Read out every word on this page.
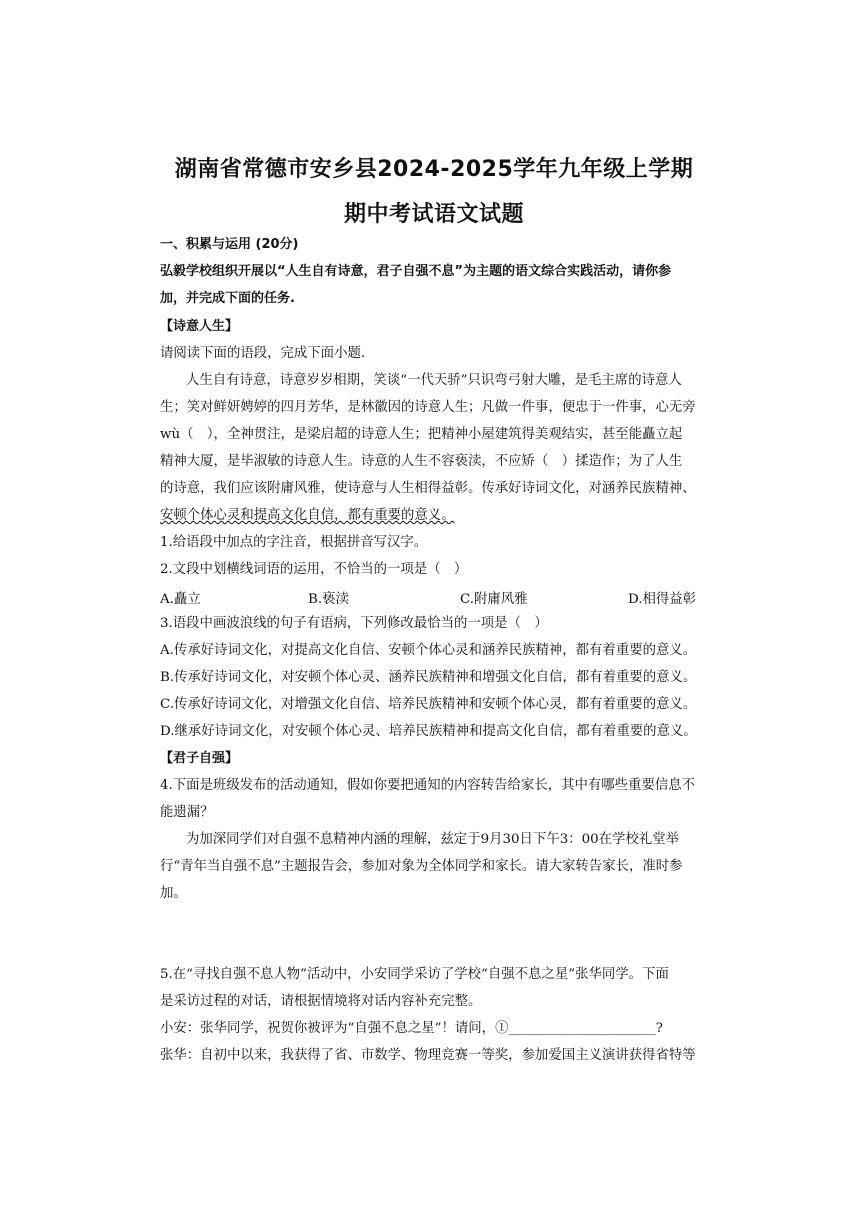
湖南省常德市安乡县2024-2025学年九年级上学期
期中考试语文试题
一、积累与运用 (20分)
弘毅学校组织开展以“人生自有诗意，君子自强不息”为主题的语文综合实践活动，请你参
加，并完成下面的任务.
【诗意人生】
请阅读下面的语段，完成下面小题.
人生自有诗意，诗意岁岁相期，笑谈“一代天骄”只识弯弓射大雕，是毛主席的诗意人
生；笑对鲜妍娉婷的四月芳华，是林徽因的诗意人生；凡做一件事，便忠于一件事，心无旁
wù（　），全神贯注，是梁启超的诗意人生；把精神小屋建筑得美观结实，甚至能矗立起
精神大厦，是毕淑敏的诗意人生。诗意的人生不容亵渎，不应矫（　）揉造作；为了人生
的诗意，我们应该附庸风雅，使诗意与人生相得益彰。传承好诗词文化，对涵养民族精神、
安顿个体心灵和提高文化自信，都有重要的意义。
1.给语段中加点的字注音，根据拼音写汉字。
2.文段中划横线词语的运用，不恰当的一项是（　）
A.矗立	B.亵渎	C.附庸风雅	D.相得益彰
3.语段中画波浪线的句子有语病，下列修改最恰当的一项是（　）
A.传承好诗词文化，对提高文化自信、安顿个体心灵和涵养民族精神，都有着重要的意义。
B.传承好诗词文化，对安顿个体心灵、涵养民族精神和增强文化自信，都有着重要的意义。
C.传承好诗词文化，对增强文化自信、培养民族精神和安顿个体心灵，都有着重要的意义。
D.继承好诗词文化，对安顿个体心灵、培养民族精神和提高文化自信，都有着重要的意义。
【君子自强】
4.下面是班级发布的活动通知，假如你要把通知的内容转告给家长，其中有哪些重要信息不
能遗漏？
为加深同学们对自强不息精神内涵的理解，兹定于9月30日下午3：00在学校礼堂举
行“青年当自强不息”主题报告会，参加对象为全体同学和家长。请大家转告家长，准时参
加。
5.在“寻找自强不息人物”活动中，小安同学采访了学校“自强不息之星”张华同学。下面
是采访过程的对话，请根据情境将对话内容补充完整。
小安：张华同学，祝贺你被评为“自强不息之星”！请问，①______________________?
张华：自初中以来，我获得了省、市数学、物理竞赛一等奖，参加爱国主义演讲获得省特等
